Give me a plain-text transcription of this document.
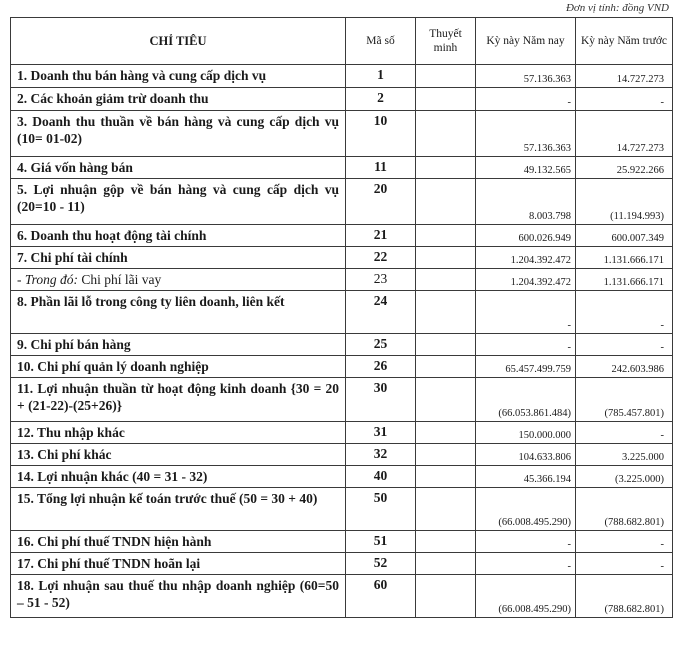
Đơn vị tính: đồng VND
CHỈ TIÊU	Mã số	Thuyết minh	Kỳ này Năm nay	Kỳ này Năm trước
1. Doanh thu bán hàng và cung cấp dịch vụ	1		57.136.363	14.727.273
2. Các khoản giảm trừ doanh thu	2		-	-
3. Doanh thu thuần về bán hàng và cung cấp dịch vụ (10= 01-02)	10		57.136.363	14.727.273
4. Giá vốn hàng bán	11		49.132.565	25.922.266
5. Lợi nhuận gộp về bán hàng và cung cấp dịch vụ (20=10 - 11)	20		8.003.798	(11.194.993)
6. Doanh thu hoạt động tài chính	21		600.026.949	600.007.349
7. Chi phí tài chính	22		1.204.392.472	1.131.666.171
- Trong đó: Chi phí lãi vay	23		1.204.392.472	1.131.666.171
8. Phần lãi lỗ trong công ty liên doanh, liên kết	24		-	-
9. Chi phí bán hàng	25		-	-
10. Chi phí quản lý doanh nghiệp	26		65.457.499.759	242.603.986
11. Lợi nhuận thuần từ hoạt động kinh doanh {30 = 20 + (21-22)-(25+26)}	30		(66.053.861.484)	(785.457.801)
12. Thu nhập khác	31		150.000.000	-
13. Chi phí khác	32		104.633.806	3.225.000
14. Lợi nhuận khác (40 = 31 - 32)	40		45.366.194	(3.225.000)
15. Tổng lợi nhuận kế toán trước thuế (50 = 30 + 40)	50		(66.008.495.290)	(788.682.801)
16. Chi phí thuế TNDN hiện hành	51		-	-
17. Chi phí thuế TNDN hoãn lại	52		-	-
18. Lợi nhuận sau thuế thu nhập doanh nghiệp (60=50 – 51 - 52)	60		(66.008.495.290)	(788.682.801)
